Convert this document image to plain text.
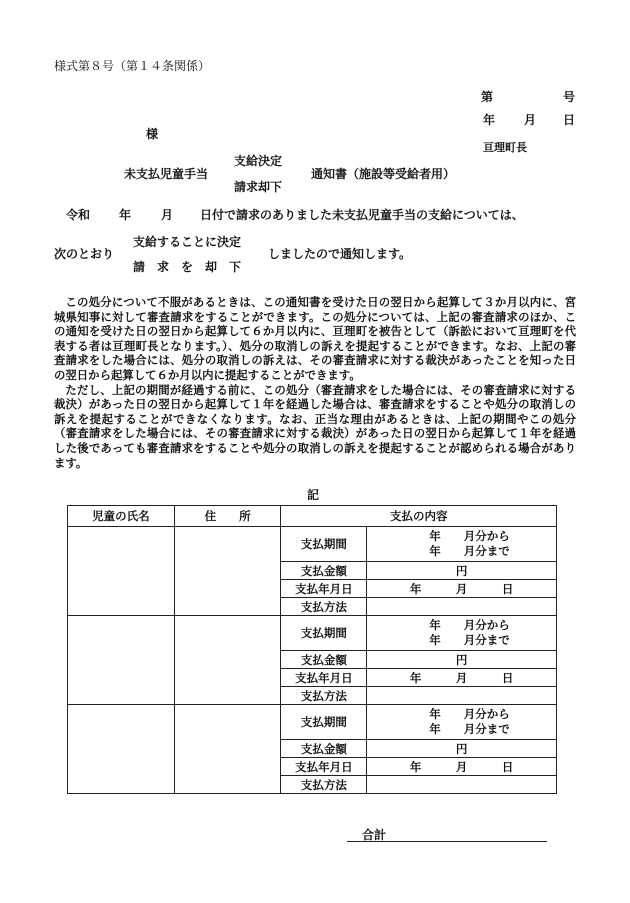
様式第８号（第１４条関係）
第	号
年 月 日
様
亘理町長
支給決定
未支払児童手当	通知書（施設等受給者用）
請求却下
令和 年 月 日付で請求のありました未支払児童手当の支給については、
支給することに決定
次のとおり	しましたので通知します。
請　求　を　却　下

この処分について不服があるときは、この通知書を受けた日の翌日から起算して３か月以内に、宮城県知事に対して審査請求をすることができます。この処分については、上記の審査請求のほか、この通知を受けた日の翌日から起算して６か月以内に、亘理町を被告として（訴訟において亘理町を代表する者は亘理町長となります。）、処分の取消しの訴えを提起することができます。なお、上記の審査請求をした場合には、処分の取消しの訴えは、その審査請求に対する裁決があったことを知った日の翌日から起算して６か月以内に提起することができます。

ただし、上記の期間が経過する前に、この処分（審査請求をした場合には、その審査請求に対する裁決）があった日の翌日から起算して１年を経過した場合は、審査請求をすることや処分の取消しの訴えを提起することができなくなります。なお、正当な理由があるときは、上記の期間やこの処分（審査請求をした場合には、その審査請求に対する裁決）があった日の翌日から起算して１年を経過した後であっても審査請求をすることや処分の取消しの訴えを提起することが認められる場合があります。

記
児童の氏名	住　　所	支払の内容	
		支払期間	年　　月分から
年　　月分まで

		支払金額	円
		支払年月日	年　　　月　　　日
		支払方法	
		支払期間	年　　月分から
年　　月分まで

		支払金額	円
		支払年月日	年　　　月　　　日
		支払方法	
		支払期間	年　　月分から
年　　月分まで

		支払金額	円
		支払年月日	年　　　月　　　日
		支払方法	
合計
